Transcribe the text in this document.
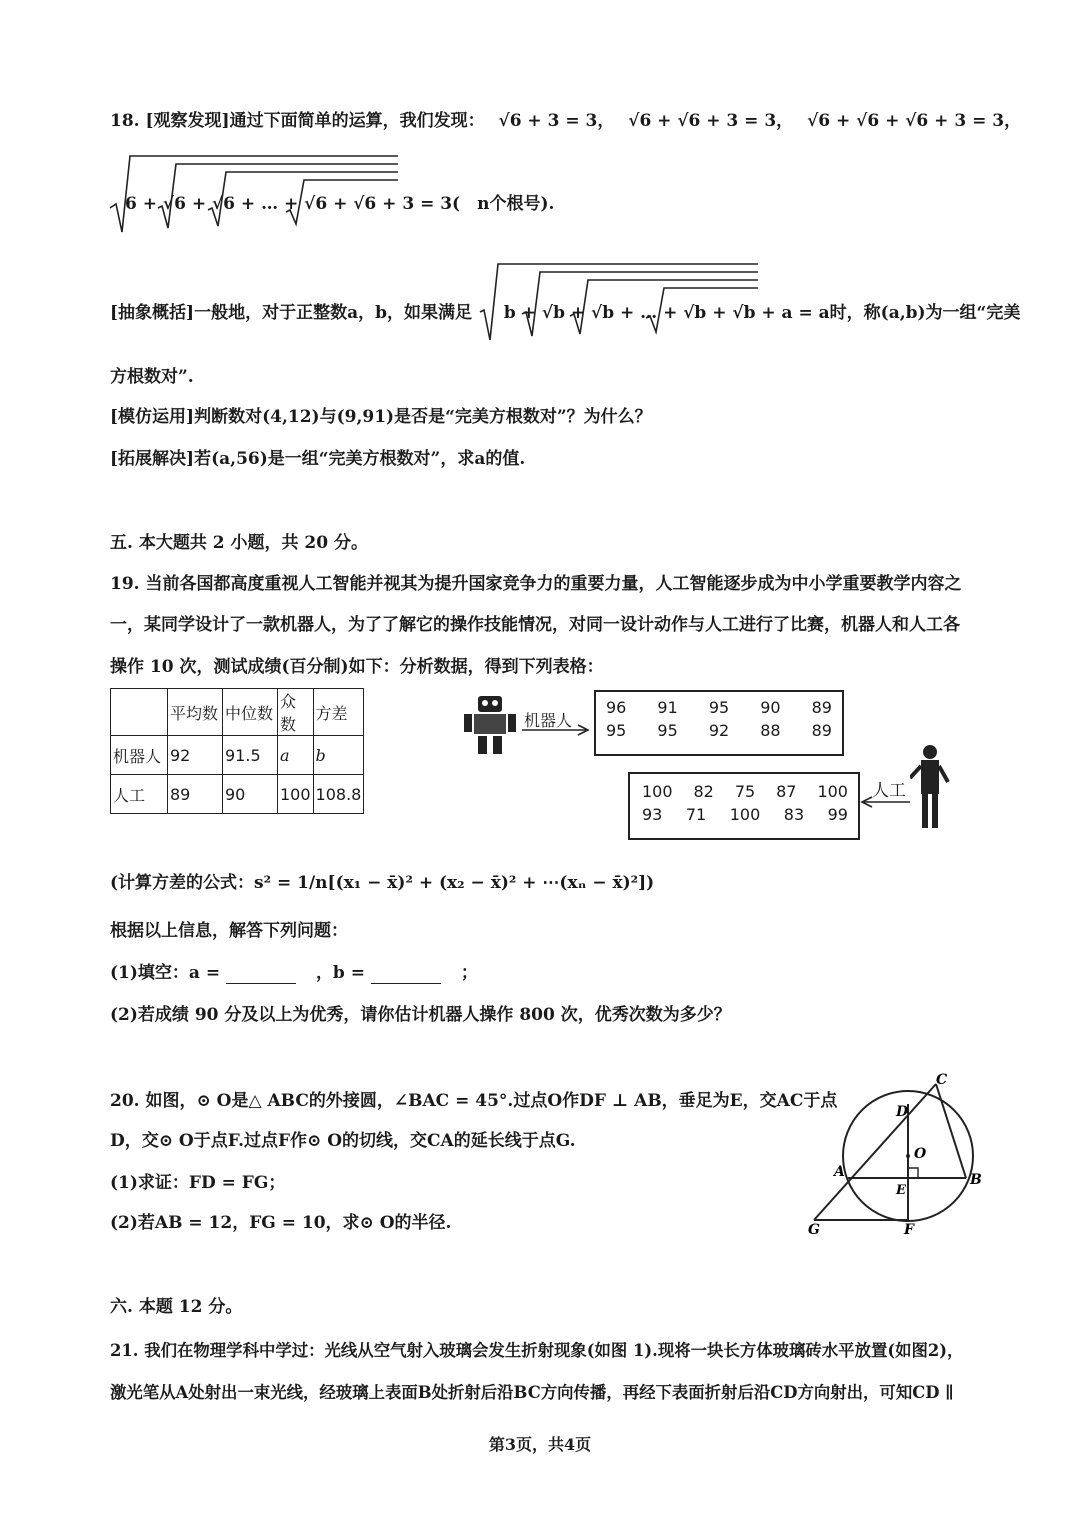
18. [观察发现]通过下面简单的运算，我们发现： √6 + 3 = 3， √6 + √6 + 3 = 3， √6 + √6 + √6 + 3 = 3，
6 + √6 + √6 + … + √6 + √6 + 3 = 3(　n个根号).
[抽象概括]一般地，对于正整数a，b，如果满足 b + √b + √b + … + √b + √b + a = a时，称(a,b)为一组“完美
方根数对”.
[模仿运用]判断数对(4,12)与(9,91)是否是“完美方根数对”？为什么？
[拓展解决]若(a,56)是一组“完美方根数对”，求a的值.
五. 本大题共 2 小题，共 20 分。
19. 当前各国都高度重视人工智能并视其为提升国家竞争力的重要力量，人工智能逐步成为中小学重要教学内容之
一，某同学设计了一款机器人，为了了解它的操作技能情况，对同一设计动作与人工进行了比赛，机器人和人工各
操作 10 次，测试成绩(百分制)如下：分析数据，得到下列表格：
	平均数	中位数	众数	方差
机器人	92	91.5	a	b
人工	89	90	100	108.8
机器人
96 91 95 90 89
95 95 92 88 89
100 82 75 87 100
93 71 100 83 99
人工
(计算方差的公式：s² = 1/n[(x₁ − x̄)² + (x₂ − x̄)² + ⋯(xₙ − x̄)²])
根据以上信息，解答下列问题：
(1)填空：a =	，b =	；
(2)若成绩 90 分及以上为优秀，请你估计机器人操作 800 次，优秀次数为多少？
20. 如图，⊙ O是△ ABC的外接圆，∠BAC = 45°.过点O作DF ⊥ AB，垂足为E，交AC于点
D，交⊙ O于点F.过点F作⊙ O的切线，交CA的延长线于点G.
(1)求证：FD = FG；
(2)若AB = 12，FG = 10，求⊙ O的半径.
C
D
O
A	B
E
G	F
六. 本题 12 分。
21. 我们在物理学科中学过：光线从空气射入玻璃会发生折射现象(如图 1).现将一块长方体玻璃砖水平放置(如图2)，
激光笔从A处射出一束光线，经玻璃上表面B处折射后沿BC方向传播，再经下表面折射后沿CD方向射出，可知CD ∥
第3页，共4页
